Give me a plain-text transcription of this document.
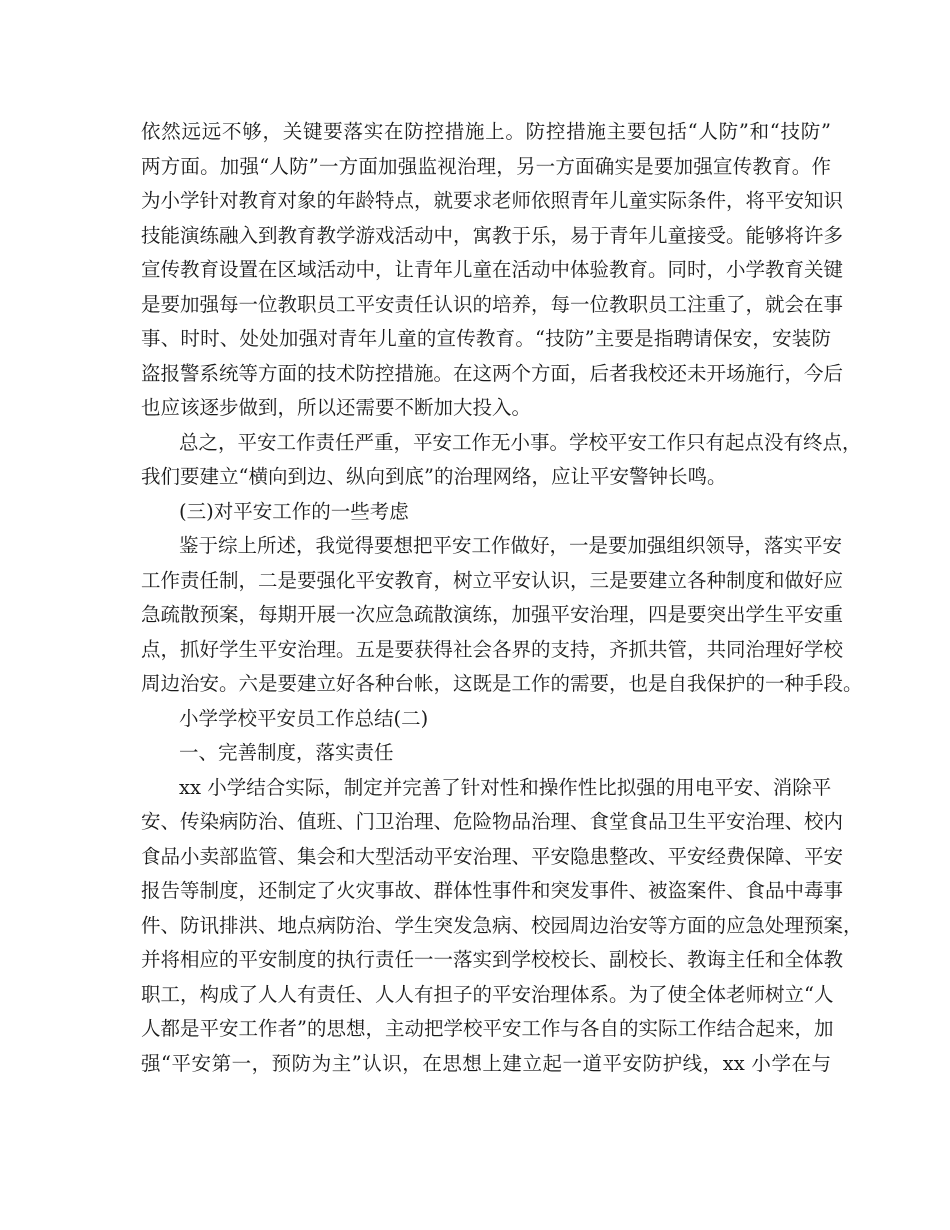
依然远远不够，关键要落实在防控措施上。防控措施主要包括“人防”和“技防”
两方面。加强“人防”一方面加强监视治理，另一方面确实是要加强宣传教育。作
为小学针对教育对象的年龄特点，就要求老师依照青年儿童实际条件，将平安知识
技能演练融入到教育教学游戏活动中，寓教于乐，易于青年儿童接受。能够将许多
宣传教育设置在区域活动中，让青年儿童在活动中体验教育。同时，小学教育关键
是要加强每一位教职员工平安责任认识的培养，每一位教职员工注重了，就会在事
事、时时、处处加强对青年儿童的宣传教育。“技防”主要是指聘请保安，安装防
盗报警系统等方面的技术防控措施。在这两个方面，后者我校还未开场施行，今后
也应该逐步做到，所以还需要不断加大投入。
总之，平安工作责任严重，平安工作无小事。学校平安工作只有起点没有终点，
我们要建立“横向到边、纵向到底”的治理网络，应让平安警钟长鸣。
(三)对平安工作的一些考虑
鉴于综上所述，我觉得要想把平安工作做好，一是要加强组织领导，落实平安
工作责任制，二是要强化平安教育，树立平安认识，三是要建立各种制度和做好应
急疏散预案，每期开展一次应急疏散演练，加强平安治理，四是要突出学生平安重
点，抓好学生平安治理。五是要获得社会各界的支持，齐抓共管，共同治理好学校
周边治安。六是要建立好各种台帐，这既是工作的需要，也是自我保护的一种手段。
小学学校平安员工作总结(二)
一、完善制度，落实责任
xx 小学结合实际，制定并完善了针对性和操作性比拟强的用电平安、消除平
安、传染病防治、值班、门卫治理、危险物品治理、食堂食品卫生平安治理、校内
食品小卖部监管、集会和大型活动平安治理、平安隐患整改、平安经费保障、平安
报告等制度，还制定了火灾事故、群体性事件和突发事件、被盗案件、食品中毒事
件、防讯排洪、地点病防治、学生突发急病、校园周边治安等方面的应急处理预案，
并将相应的平安制度的执行责任一一落实到学校校长、副校长、教诲主任和全体教
职工，构成了人人有责任、人人有担子的平安治理体系。为了使全体老师树立“人
人都是平安工作者”的思想，主动把学校平安工作与各自的实际工作结合起来，加
强“平安第一，预防为主”认识，在思想上建立起一道平安防护线，xx 小学在与
